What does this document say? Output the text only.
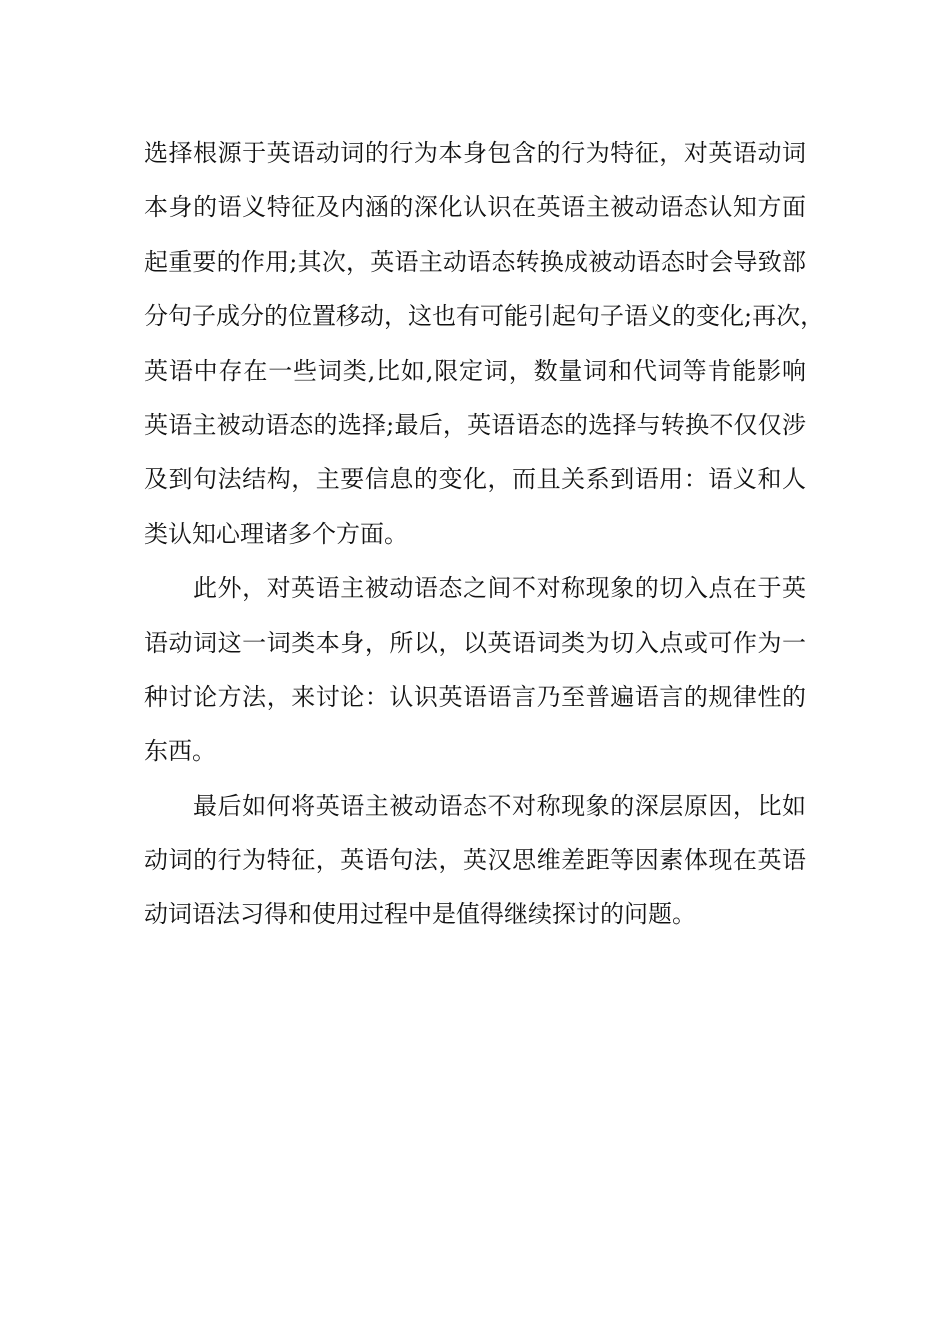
选择根源于英语动词的行为本身包含的行为特征，对英语动词
本身的语义特征及内涵的深化认识在英语主被动语态认知方面
起重要的作用;其次，英语主动语态转换成被动语态时会导致部
分句子成分的位置移动，这也有可能引起句子语义的变化;再次，
英语中存在一些词类,比如,限定词，数量词和代词等肯能影响
英语主被动语态的选择;最后，英语语态的选择与转换不仅仅涉
及到句法结构，主要信息的变化，而且关系到语用：语义和人
类认知心理诸多个方面。
此外，对英语主被动语态之间不对称现象的切入点在于英
语动词这一词类本身，所以，以英语词类为切入点或可作为一
种讨论方法，来讨论：认识英语语言乃至普遍语言的规律性的
东西。
最后如何将英语主被动语态不对称现象的深层原因，比如
动词的行为特征，英语句法，英汉思维差距等因素体现在英语
动词语法习得和使用过程中是值得继续探讨的问题。
